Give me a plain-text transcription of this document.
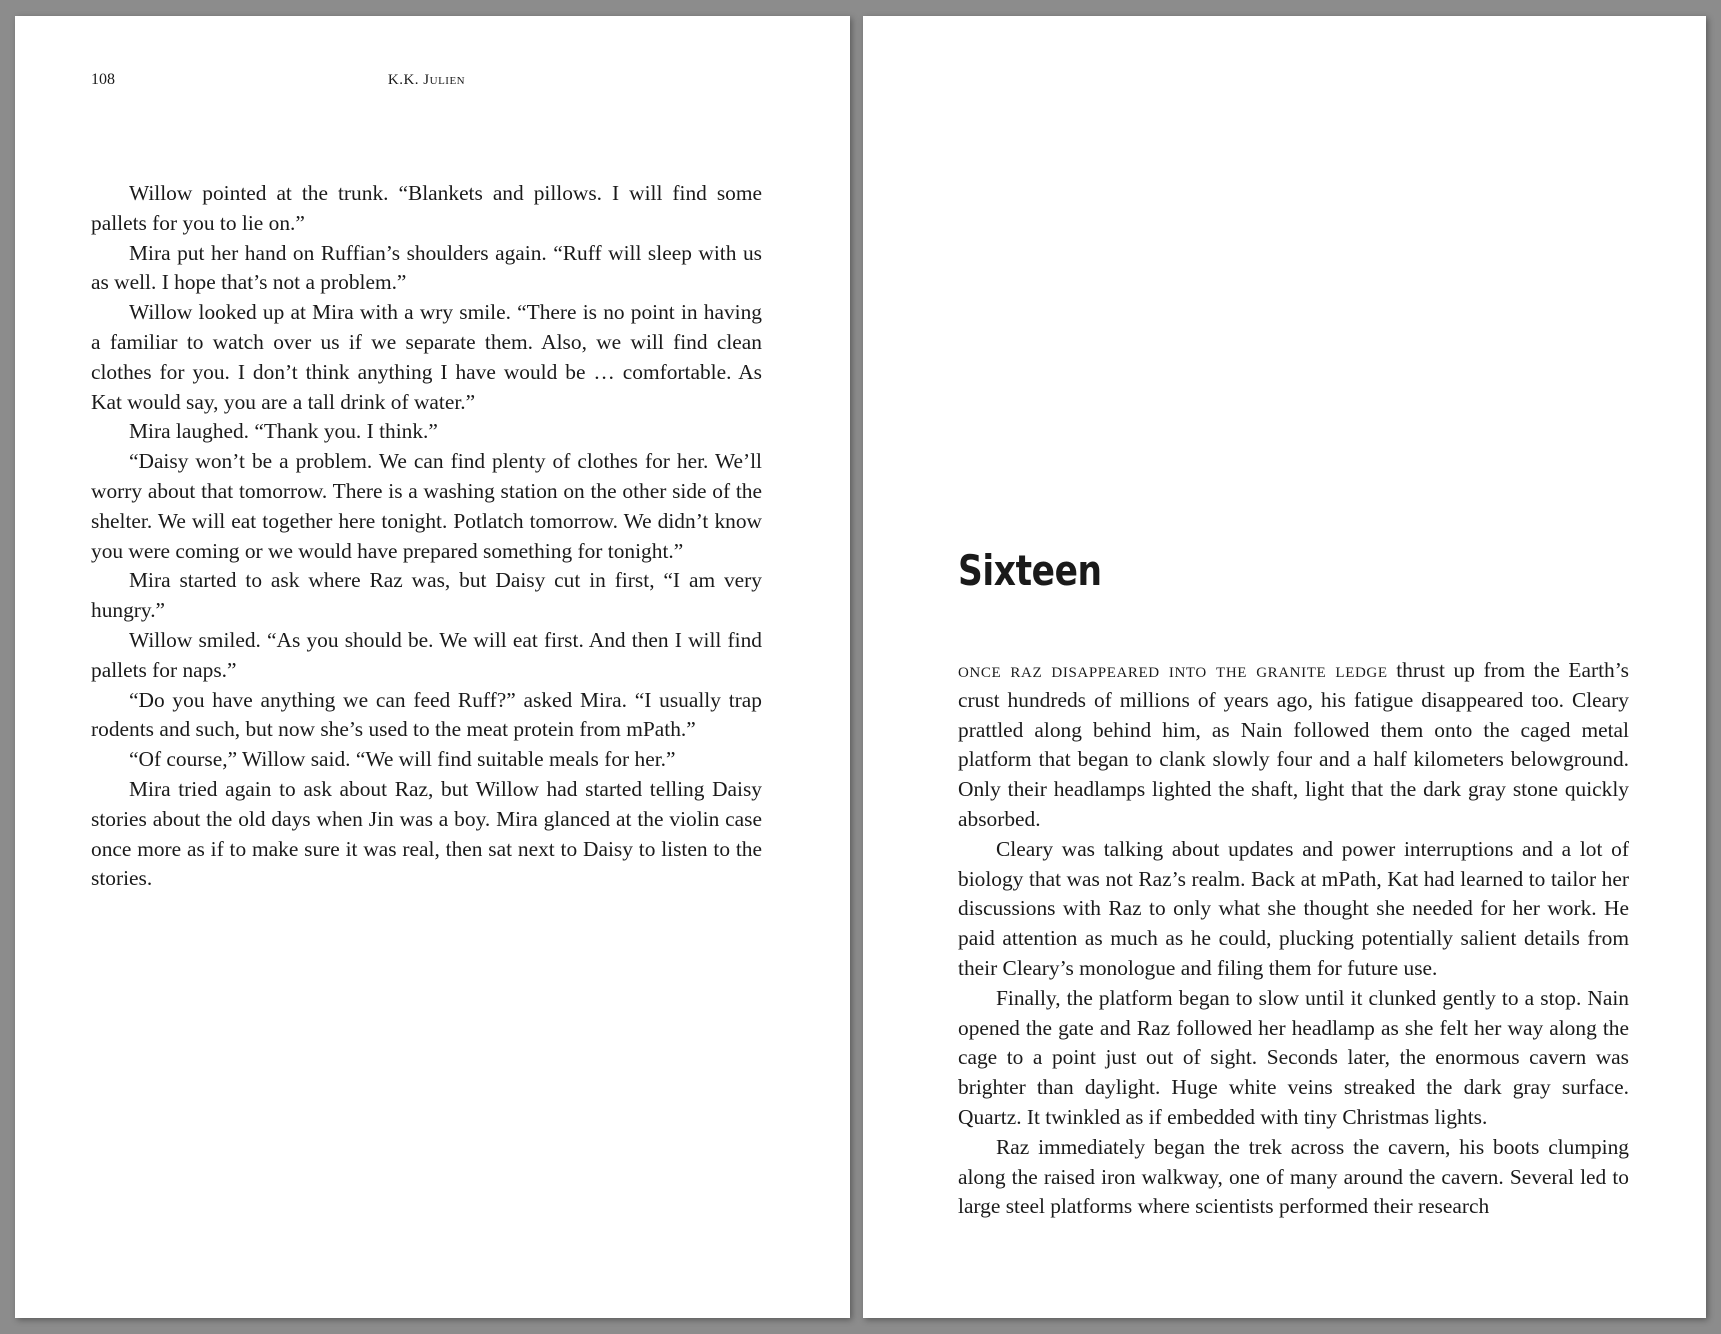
108	K.K. Julien

Willow pointed at the trunk. “Blankets and pillows. I will find some pallets for you to lie on.”

Mira put her hand on Ruffian’s shoulders again. “Ruff will sleep with us as well. I hope that’s not a problem.”

Willow looked up at Mira with a wry smile. “There is no point in having a familiar to watch over us if we separate them. Also, we will find clean clothes for you. I don’t think anything I have would be … comfortable. As Kat would say, you are a tall drink of water.”

Mira laughed. “Thank you. I think.”

“Daisy won’t be a problem. We can find plenty of clothes for her. We’ll worry about that tomorrow. There is a washing station on the other side of the shelter. We will eat together here tonight. Potlatch tomorrow. We didn’t know you were coming or we would have prepared something for tonight.”

Mira started to ask where Raz was, but Daisy cut in first, “I am very hungry.”

Willow smiled. “As you should be. We will eat first. And then I will find pallets for naps.”

“Do you have anything we can feed Ruff?” asked Mira. “I usually trap rodents and such, but now she’s used to the meat protein from mPath.”

“Of course,” Willow said. “We will find suitable meals for her.”

Mira tried again to ask about Raz, but Willow had started telling Daisy stories about the old days when Jin was a boy. Mira glanced at the violin case once more as if to make sure it was real, then sat next to Daisy to listen to the stories.

Sixteen

once raz disappeared into the granite ledge thrust up from the Earth’s crust hundreds of millions of years ago, his fatigue disappeared too. Cleary prattled along behind him, as Nain followed them onto the caged metal platform that began to clank slowly four and a half kilometers belowground. Only their headlamps lighted the shaft, light that the dark gray stone quickly absorbed.

Cleary was talking about updates and power interruptions and a lot of biology that was not Raz’s realm. Back at mPath, Kat had learned to tailor her discussions with Raz to only what she thought she needed for her work. He paid attention as much as he could, plucking potentially salient details from their Cleary’s monologue and filing them for future use.

Finally, the platform began to slow until it clunked gently to a stop. Nain opened the gate and Raz followed her headlamp as she felt her way along the cage to a point just out of sight. Seconds later, the enormous cavern was brighter than daylight. Huge white veins streaked the dark gray surface. Quartz. It twinkled as if embedded with tiny Christmas lights.

Raz immediately began the trek across the cavern, his boots clumping along the raised iron walkway, one of many around the cavern. Several led to large steel platforms where scientists performed their research
